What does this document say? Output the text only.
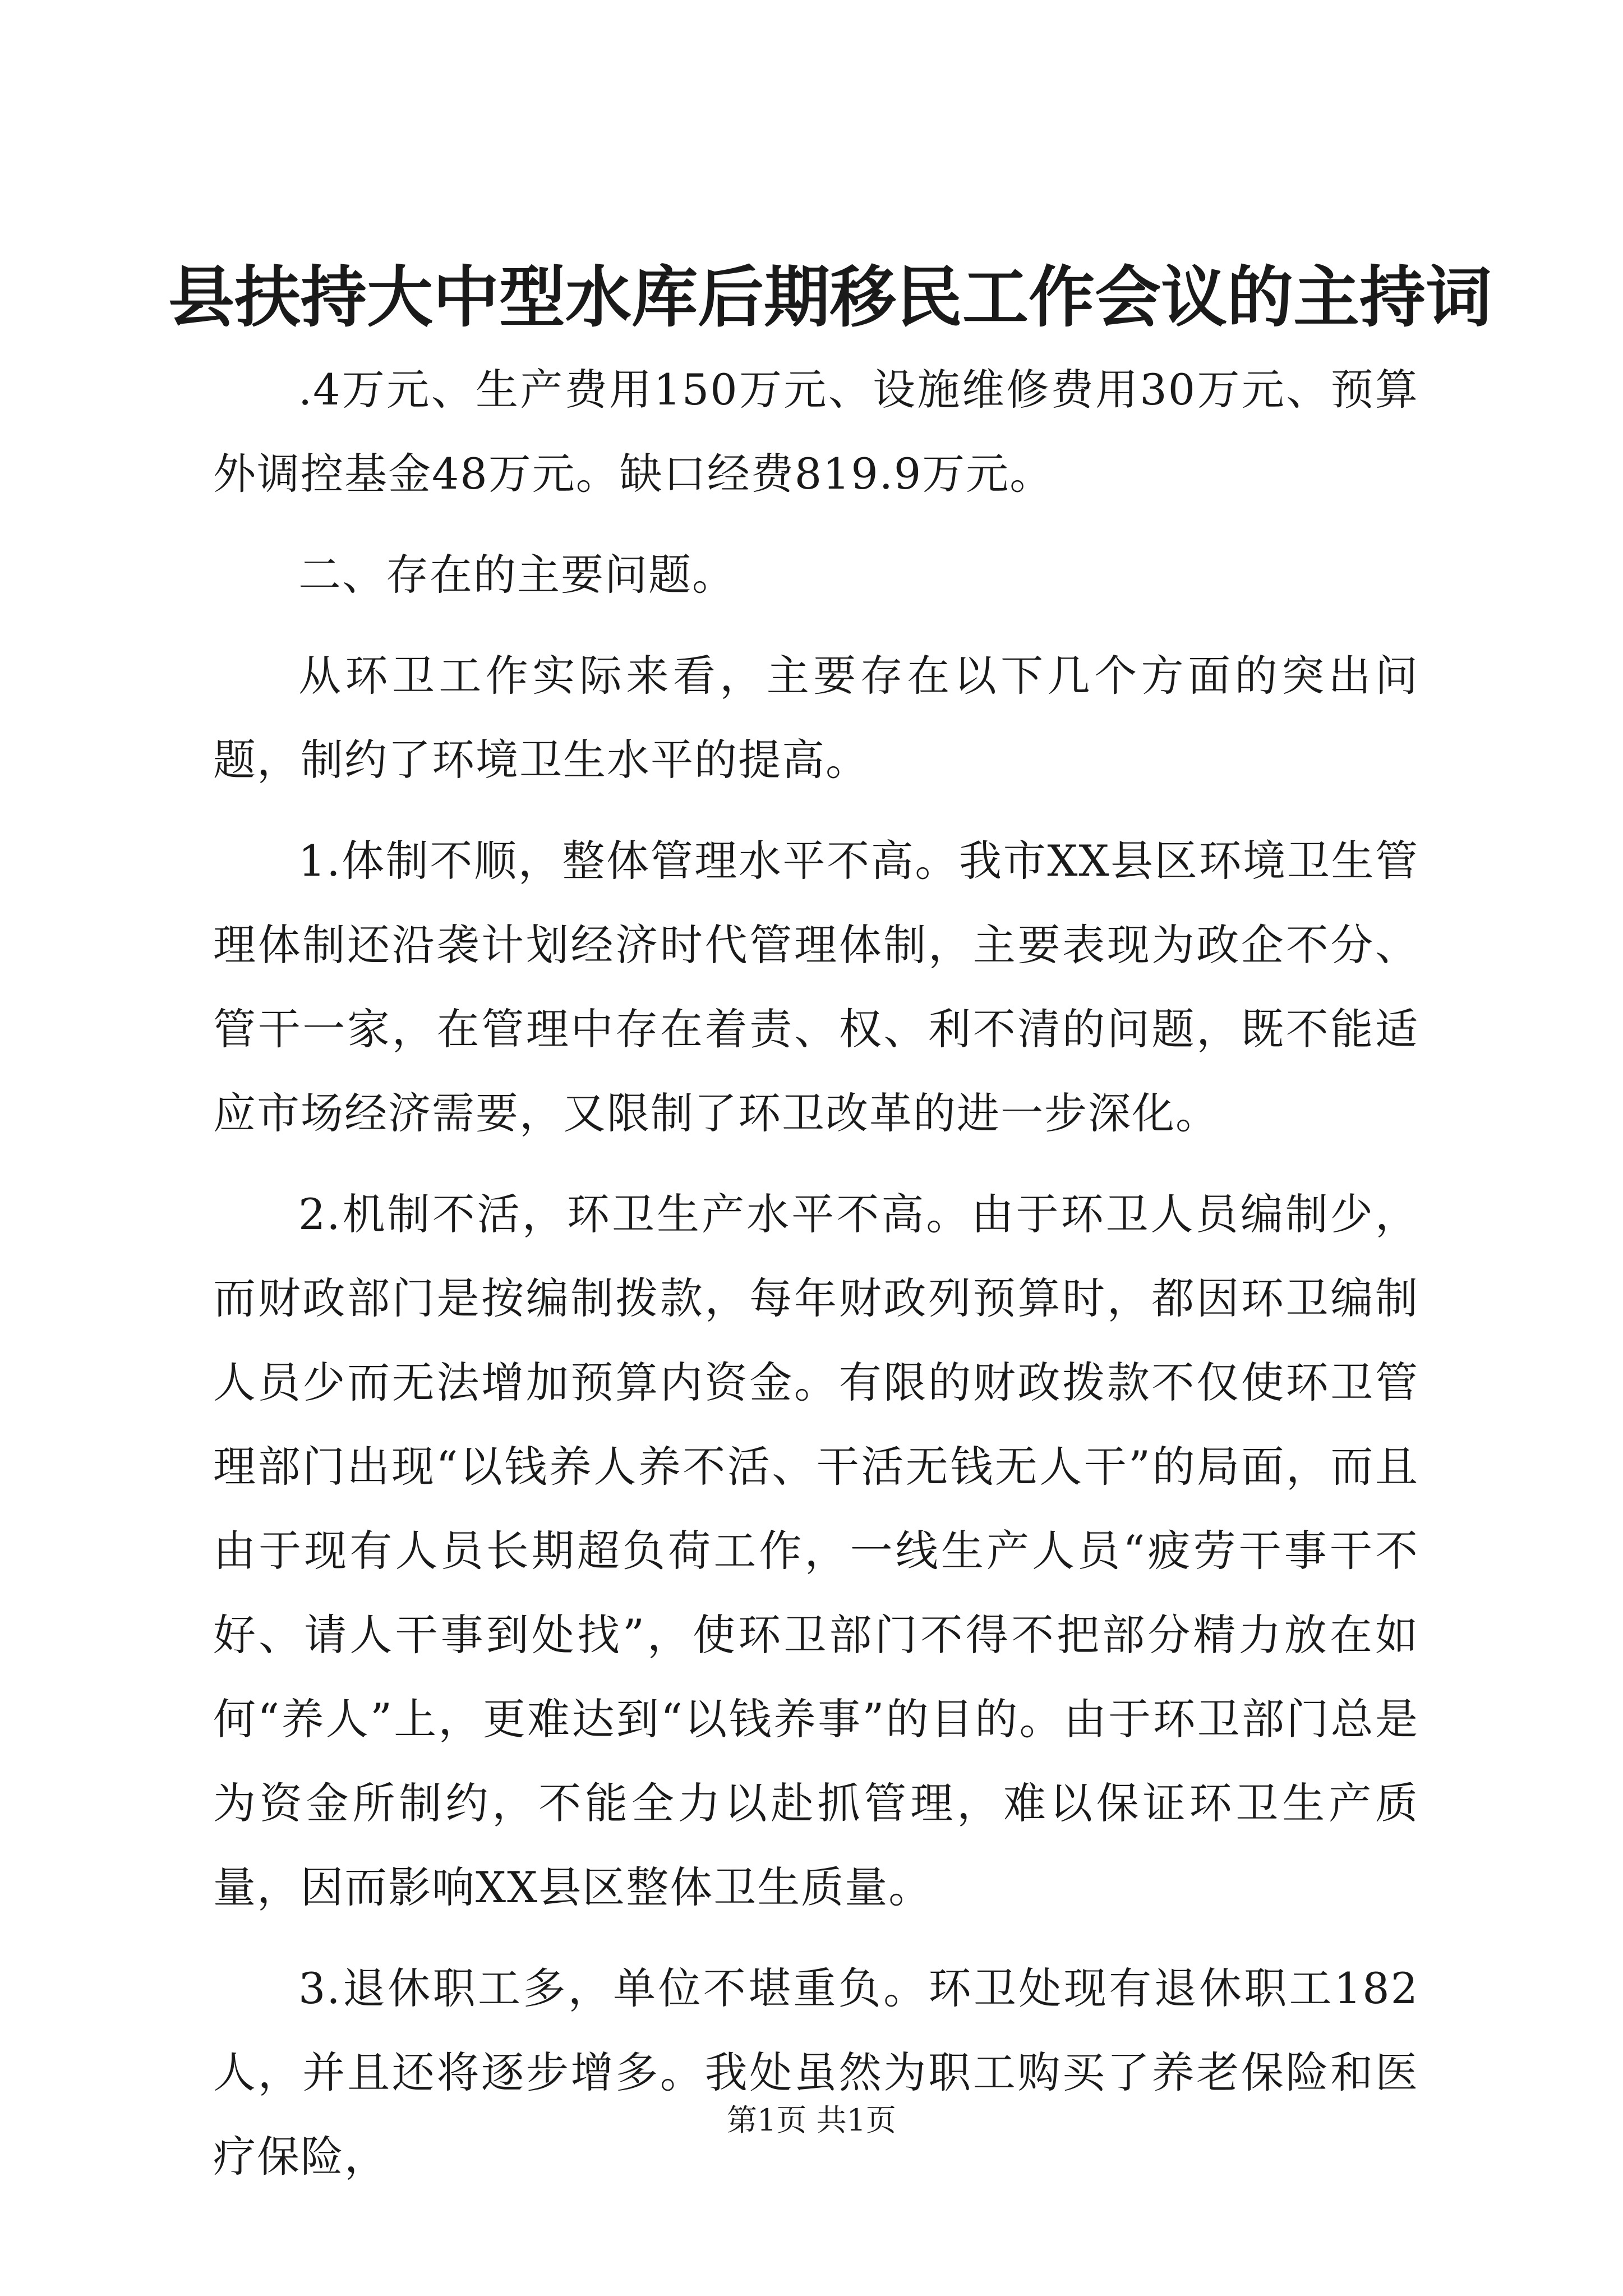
县扶持大中型水库后期移民工作会议的主持词

.4万元、生产费用150万元、设施维修费用30万元、预算外调控基金48万元。缺口经费819.9万元。

二、存在的主要问题。

从环卫工作实际来看，主要存在以下几个方面的突出问题，制约了环境卫生水平的提高。

1.体制不顺，整体管理水平不高。我市XX县区环境卫生管理体制还沿袭计划经济时代管理体制，主要表现为政企不分、管干一家，在管理中存在着责、权、利不清的问题，既不能适应市场经济需要，又限制了环卫改革的进一步深化。

2.机制不活，环卫生产水平不高。由于环卫人员编制少，而财政部门是按编制拨款，每年财政列预算时，都因环卫编制人员少而无法增加预算内资金。有限的财政拨款不仅使环卫管理部门出现“以钱养人养不活、干活无钱无人干”的局面，而且由于现有人员长期超负荷工作，一线生产人员“疲劳干事干不好、请人干事到处找”，使环卫部门不得不把部分精力放在如何“养人”上，更难达到“以钱养事”的目的。由于环卫部门总是为资金所制约，不能全力以赴抓管理，难以保证环卫生产质量，因而影响XX县区整体卫生质量。

3.退休职工多，单位不堪重负。环卫处现有退休职工182人，并且还将逐步增多。我处虽然为职工购买了养老保险和医疗保险，

第1页 共1页
